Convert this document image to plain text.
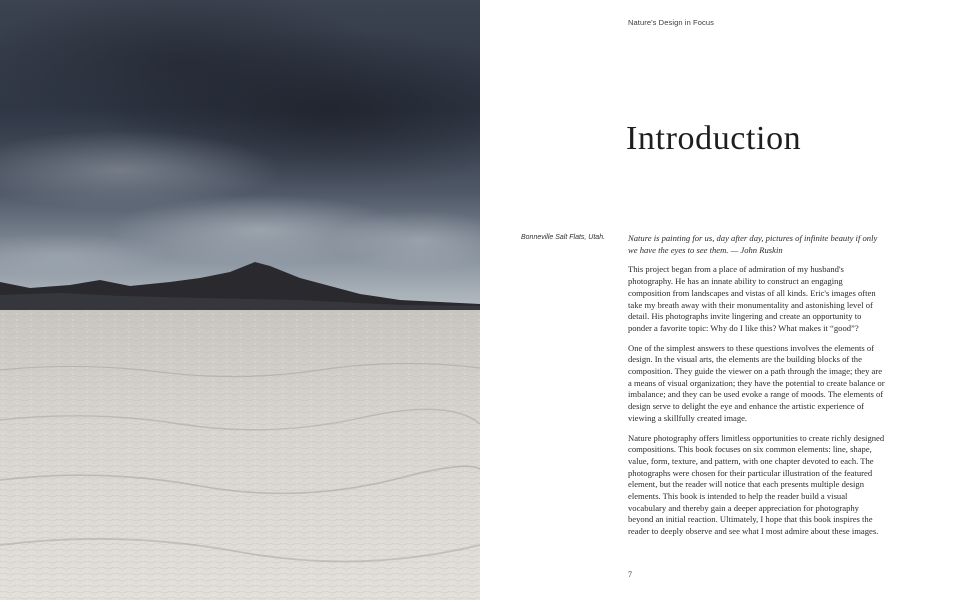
Nature's Design in Focus
Introduction
Bonneville Salt Flats, Utah.	Nature is painting for us, day after day, pictures of infinite beauty if only we have the eyes to see them. — John Ruskin

This project began from a place of admiration of my husband's photography. He has an innate ability to construct an engaging composition from landscapes and vistas of all kinds. Eric's images often take my breath away with their monumentality and astonishing level of detail. His photographs invite lingering and create an opportunity to ponder a favorite topic: Why do I like this? What makes it “good”?

One of the simplest answers to these questions involves the elements of design. In the visual arts, the elements are the building blocks of the composition. They guide the viewer on a path through the image; they are a means of visual organization; they have the potential to create balance or imbalance; and they can be used evoke a range of moods. The elements of design serve to delight the eye and enhance the artistic experience of viewing a skillfully created image.

Nature photography offers limitless opportunities to create richly designed compositions. This book focuses on six common elements: line, shape, value, form, texture, and pattern, with one chapter devoted to each. The photographs were chosen for their particular illustration of the featured element, but the reader will notice that each presents multiple design elements. This book is intended to help the reader build a visual vocabulary and thereby gain a deeper appreciation for photography beyond an initial reaction. Ultimately, I hope that this book inspires the reader to deeply observe and see what I most admire about these images.

7
